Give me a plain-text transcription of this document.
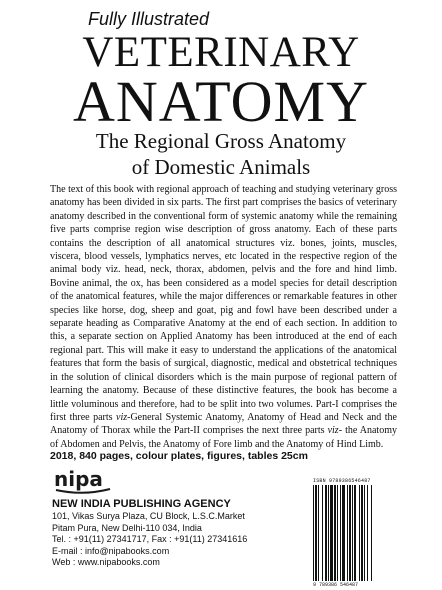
Fully Illustrated
VETERINARY
ANATOMY
The Regional Gross Anatomy
of Domestic Animals
The text of this book with regional approach of teaching and studying veterinary gross anatomy has been divided in six parts. The first part comprises the basics of veterinary anatomy described in the conventional form of systemic anatomy while the remaining five parts comprise region wise description of gross anatomy. Each of these parts contains the description of all anatomical structures viz. bones, joints, muscles, viscera, blood vessels, lymphatics nerves, etc located in the respective region of the animal body viz. head, neck, thorax, abdomen, pelvis and the fore and hind limb. Bovine animal, the ox, has been considered as a model species for detail description of the anatomical features, while the major differences or remarkable features in other species like horse, dog, sheep and goat, pig and fowl have been described under a separate heading as Comparative Anatomy at the end of each section. In addition to this, a separate section on Applied Anatomy has been introduced at the end of each regional part. This will make it easy to understand the applications of the anatomical features that form the basis of surgical, diagnostic, medical and obstetrical techniques in the solution of clinical disorders which is the main purpose of regional pattern of learning the anatomy. Because of these distinctive features, the book has become a little voluminous and therefore, had to be split into two volumes. Part-I comprises the first three parts viz-General Systemic Anatomy, Anatomy of Head and Neck and the Anatomy of Thorax while the Part-II comprises the next three parts viz- the Anatomy of Abdomen and Pelvis, the Anatomy of Fore limb and the Anatomy of Hind Limb.
2018, 840 pages, colour plates, figures, tables 25cm
nipa
NEW INDIA PUBLISHING AGENCY
101, Vikas Surya Plaza, CU Block, L.S.C.Market
Pitam Pura, New Delhi-110 034, India
Tel. : +91(11) 27341717, Fax : +91(11) 27341616
E-mail : info@nipabooks.com
Web : www.nipabooks.com
ISBN 9789386546487
9 789386 546487
